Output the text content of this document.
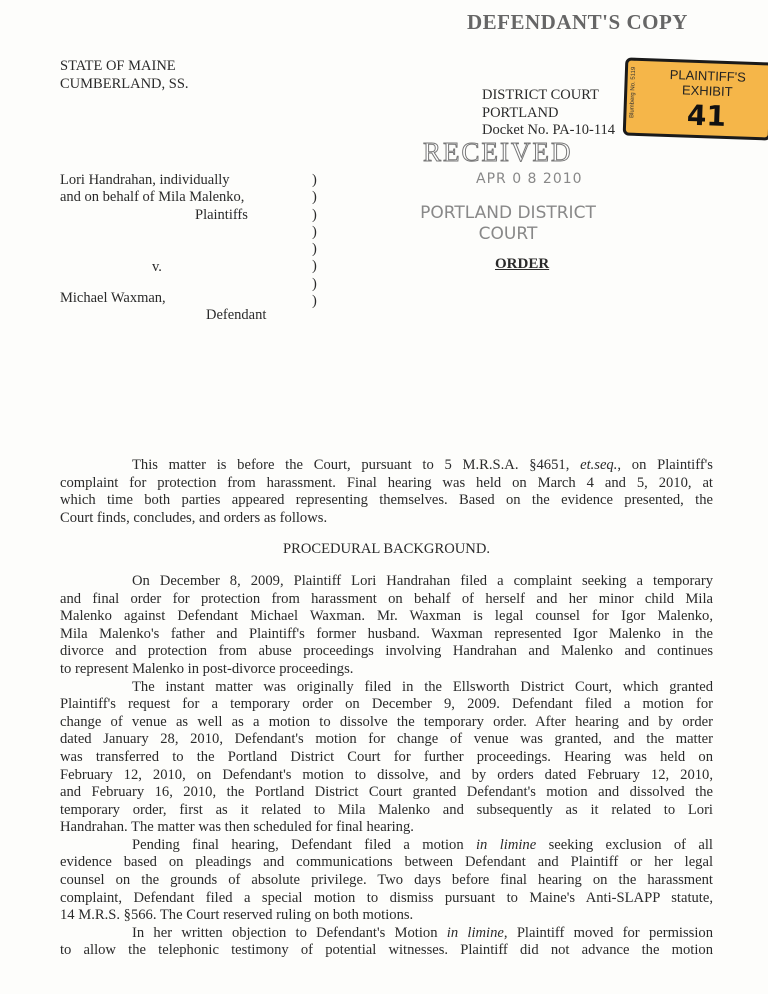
DEFENDANT'S COPY
Blumberg No. 5119	PLAINTIFF'S
EXHIBIT
41
STATE OF MAINE
CUMBERLAND, SS.
DISTRICT COURT
PORTLAND
Docket No. PA-10-114
RECEIVED
APR 0 8 2010
PORTLAND DISTRICT
COURT
Lori Handrahan, individually
and on behalf of Mila Malenko,
Plaintiffs
v.
Michael Waxman,
Defendant
)
)
)
)
)
)
)
)
ORDER
This matter is before the Court, pursuant to 5 M.R.S.A. §4651, et.seq., on Plaintiff's
complaint for protection from harassment. Final hearing was held on March 4 and 5, 2010, at
which time both parties appeared representing themselves. Based on the evidence presented, the
Court finds, concludes, and orders as follows.
PROCEDURAL BACKGROUND.
On December 8, 2009, Plaintiff Lori Handrahan filed a complaint seeking a temporary
and final order for protection from harassment on behalf of herself and her minor child Mila
Malenko against Defendant Michael Waxman. Mr. Waxman is legal counsel for Igor Malenko,
Mila Malenko's father and Plaintiff's former husband. Waxman represented Igor Malenko in the
divorce and protection from abuse proceedings involving Handrahan and Malenko and continues
to represent Malenko in post-divorce proceedings.
The instant matter was originally filed in the Ellsworth District Court, which granted
Plaintiff's request for a temporary order on December 9, 2009. Defendant filed a motion for
change of venue as well as a motion to dissolve the temporary order. After hearing and by order
dated January 28, 2010, Defendant's motion for change of venue was granted, and the matter
was transferred to the Portland District Court for further proceedings. Hearing was held on
February 12, 2010, on Defendant's motion to dissolve, and by orders dated February 12, 2010,
and February 16, 2010, the Portland District Court granted Defendant's motion and dissolved the
temporary order, first as it related to Mila Malenko and subsequently as it related to Lori
Handrahan. The matter was then scheduled for final hearing.
Pending final hearing, Defendant filed a motion in limine seeking exclusion of all
evidence based on pleadings and communications between Defendant and Plaintiff or her legal
counsel on the grounds of absolute privilege. Two days before final hearing on the harassment
complaint, Defendant filed a special motion to dismiss pursuant to Maine's Anti-SLAPP statute,
14 M.R.S. §566. The Court reserved ruling on both motions.
In her written objection to Defendant's Motion in limine, Plaintiff moved for permission
to allow the telephonic testimony of potential witnesses. Plaintiff did not advance the motion
